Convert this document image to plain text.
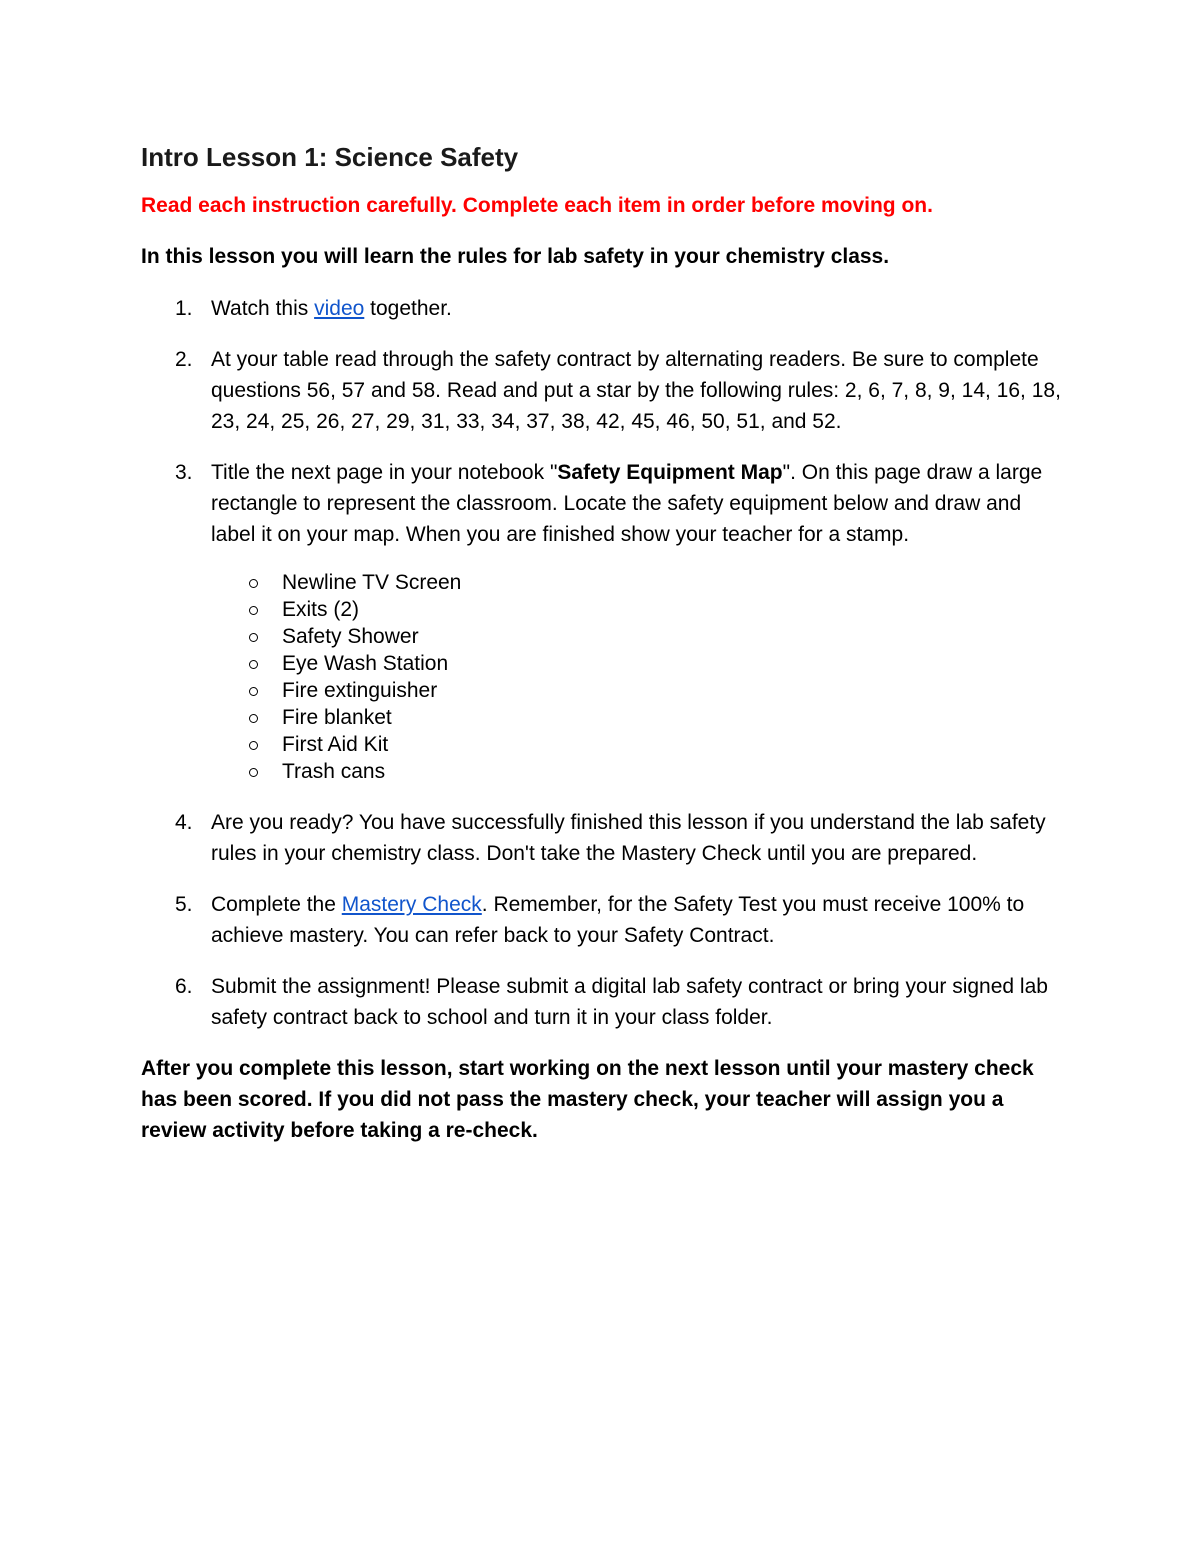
Intro Lesson 1: Science Safety

Read each instruction carefully. Complete each item in order before moving on.

In this lesson you will learn the rules for lab safety in your chemistry class.

1. Watch this video together.
2. At your table read through the safety contract by alternating readers. Be sure to complete questions 56, 57 and 58. Read and put a star by the following rules: 2, 6, 7, 8, 9, 14, 16, 18, 23, 24, 25, 26, 27, 29, 31, 33, 34, 37, 38, 42, 45, 46, 50, 51, and 52.
3. Title the next page in your notebook "Safety Equipment Map". On this page draw a large rectangle to represent the classroom. Locate the safety equipment below and draw and label it on your map. When you are finished show your teacher for a stamp.
Newline TV Screen
Exits (2)
Safety Shower
Eye Wash Station
Fire extinguisher
Fire blanket
First Aid Kit
Trash cans
4. Are you ready? You have successfully finished this lesson if you understand the lab safety rules in your chemistry class. Don't take the Mastery Check until you are prepared.
5. Complete the Mastery Check. Remember, for the Safety Test you must receive 100% to achieve mastery. You can refer back to your Safety Contract.
6. Submit the assignment! Please submit a digital lab safety contract or bring your signed lab safety contract back to school and turn it in your class folder.

After you complete this lesson, start working on the next lesson until your mastery check has been scored. If you did not pass the mastery check, your teacher will assign you a review activity before taking a re-check.
